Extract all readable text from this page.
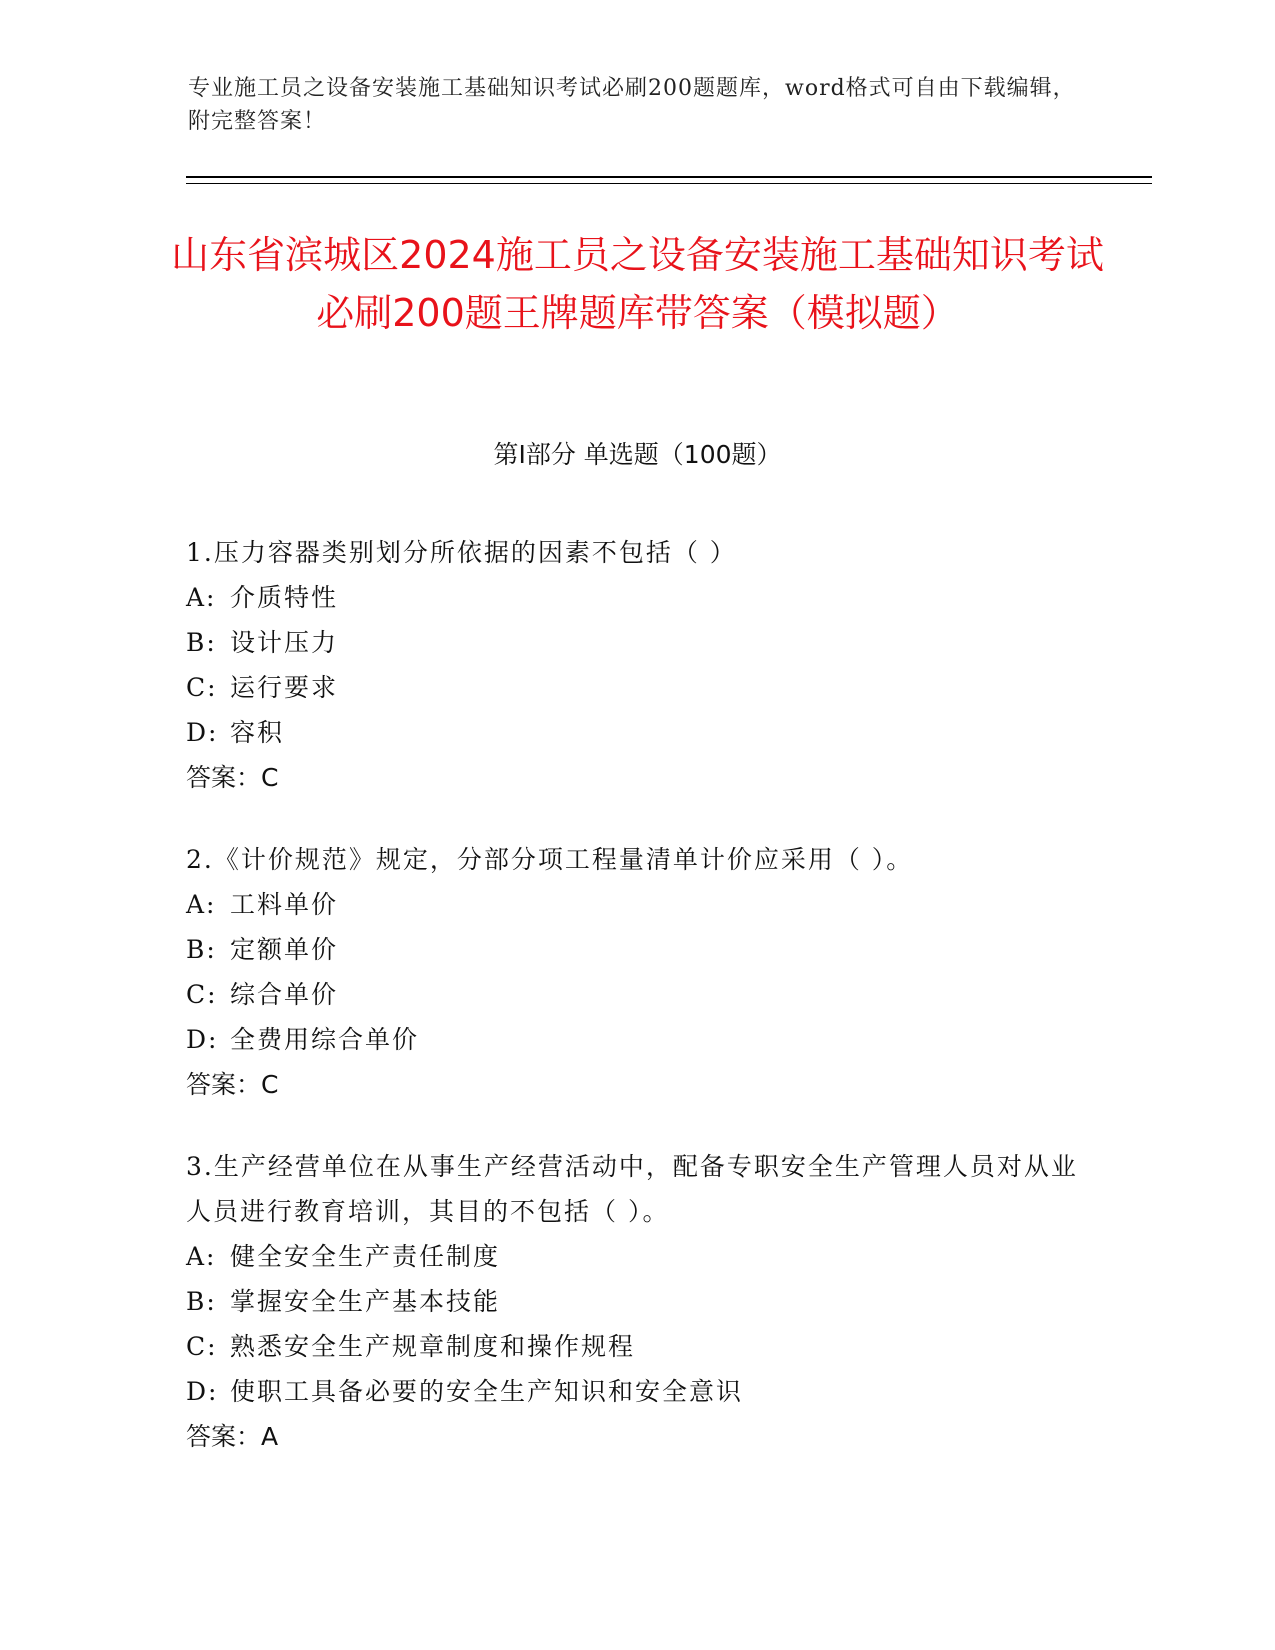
专业施工员之设备安装施工基础知识考试必刷200题题库，word格式可自由下载编辑，附完整答案！
山东省滨城区2024施工员之设备安装施工基础知识考试必刷200题王牌题库带答案（模拟题）
第Ⅰ部分 单选题（100题）

1.压力容器类别划分所依据的因素不包括（ ）

A: 介质特性

B: 设计压力

C: 运行要求

D: 容积

答案：C

2.《计价规范》规定，分部分项工程量清单计价应采用（ ）。

A: 工料单价

B: 定额单价

C: 综合单价

D: 全费用综合单价

答案：C

3.生产经营单位在从事生产经营活动中，配备专职安全生产管理人员对从业人员进行教育培训，其目的不包括（ ）。

A: 健全安全生产责任制度

B: 掌握安全生产基本技能

C: 熟悉安全生产规章制度和操作规程

D: 使职工具备必要的安全生产知识和安全意识

答案：A
